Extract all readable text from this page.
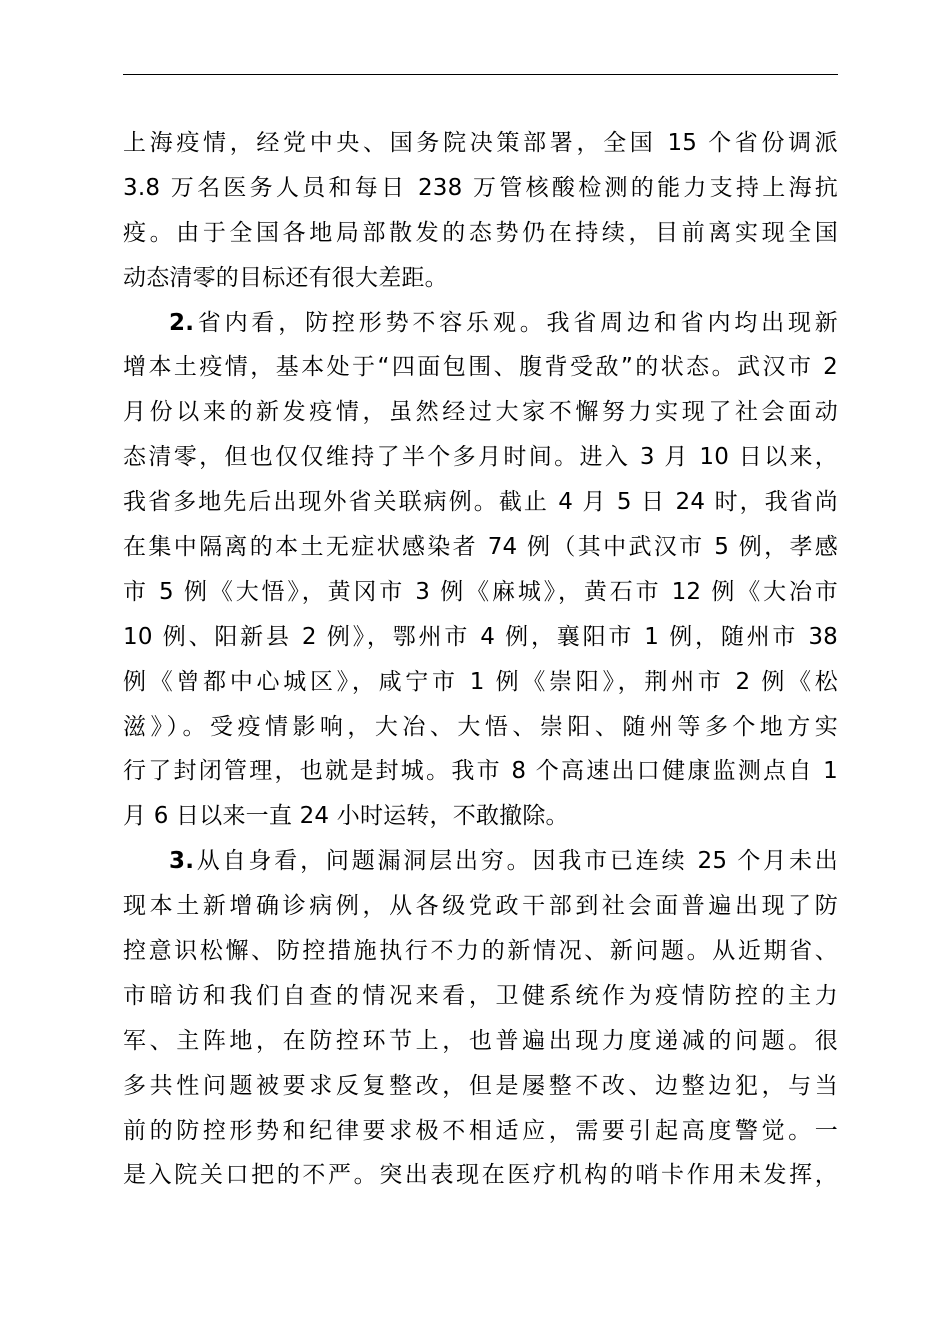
上海疫情，经党中央、国务院决策部署，全国 15 个省份调派
3.8 万名医务人员和每日 238 万管核酸检测的能力支持上海抗
疫。由于全国各地局部散发的态势仍在持续，目前离实现全国
动态清零的目标还有很大差距。
2.省内看，防控形势不容乐观。我省周边和省内均出现新
增本土疫情，基本处于“四面包围、腹背受敌”的状态。武汉市 2
月份以来的新发疫情，虽然经过大家不懈努力实现了社会面动
态清零，但也仅仅维持了半个多月时间。进入 3 月 10 日以来，
我省多地先后出现外省关联病例。截止 4 月 5 日 24 时，我省尚
在集中隔离的本土无症状感染者 74 例（其中武汉市 5 例，孝感
市 5 例《大悟》，黄冈市 3 例《麻城》，黄石市 12 例《大冶市
10 例、阳新县 2 例》，鄂州市 4 例，襄阳市 1 例，随州市 38
例《曾都中心城区》，咸宁市 1 例《崇阳》，荆州市 2 例《松
滋》）。受疫情影响，大冶、大悟、崇阳、随州等多个地方实
行了封闭管理，也就是封城。我市 8 个高速出口健康监测点自 1
月 6 日以来一直 24 小时运转，不敢撤除。
3.从自身看，问题漏洞层出穷。因我市已连续 25 个月未出
现本土新增确诊病例，从各级党政干部到社会面普遍出现了防
控意识松懈、防控措施执行不力的新情况、新问题。从近期省、
市暗访和我们自查的情况来看，卫健系统作为疫情防控的主力
军、主阵地，在防控环节上，也普遍出现力度递减的问题。很
多共性问题被要求反复整改，但是屡整不改、边整边犯，与当
前的防控形势和纪律要求极不相适应，需要引起高度警觉。一
是入院关口把的不严。突出表现在医疗机构的哨卡作用未发挥，
